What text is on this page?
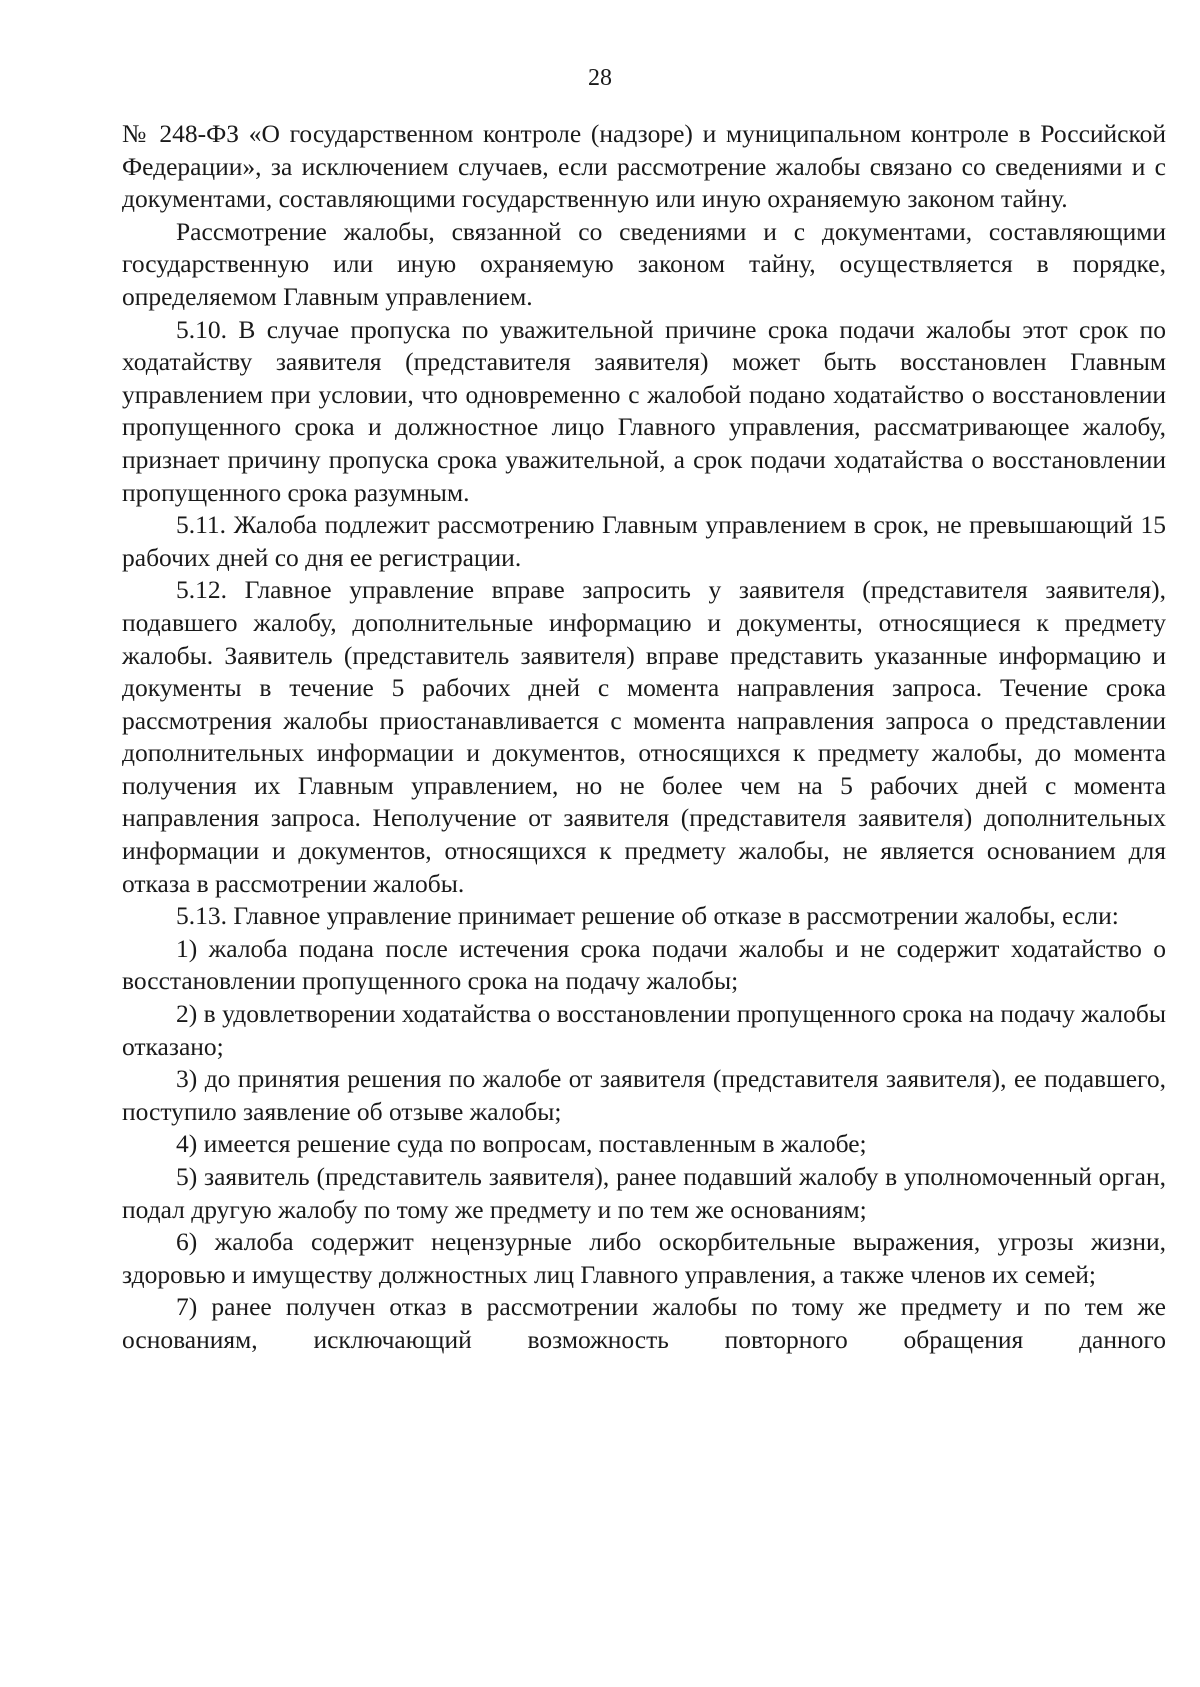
28

№ 248-ФЗ «О государственном контроле (надзоре) и муниципальном контроле в Российской Федерации», за исключением случаев, если рассмотрение жалобы связано со сведениями и с документами, составляющими государственную или иную охраняемую законом тайну.

Рассмотрение жалобы, связанной со сведениями и с документами, составляющими государственную или иную охраняемую законом тайну, осуществляется в порядке, определяемом Главным управлением.

5.10. В случае пропуска по уважительной причине срока подачи жалобы этот срок по ходатайству заявителя (представителя заявителя) может быть восстановлен Главным управлением при условии, что одновременно с жалобой подано ходатайство о восстановлении пропущенного срока и должностное лицо Главного управления, рассматривающее жалобу, признает причину пропуска срока уважительной, а срок подачи ходатайства о восстановлении пропущенного срока разумным.

5.11. Жалоба подлежит рассмотрению Главным управлением в срок, не превышающий 15 рабочих дней со дня ее регистрации.

5.12. Главное управление вправе запросить у заявителя (представителя заявителя), подавшего жалобу, дополнительные информацию и документы, относящиеся к предмету жалобы. Заявитель (представитель заявителя) вправе представить указанные информацию и документы в течение 5 рабочих дней с момента направления запроса. Течение срока рассмотрения жалобы приостанавливается с момента направления запроса о представлении дополнительных информации и документов, относящихся к предмету жалобы, до момента получения их Главным управлением, но не более чем на 5 рабочих дней с момента направления запроса. Неполучение от заявителя (представителя заявителя) дополнительных информации и документов, относящихся к предмету жалобы, не является основанием для отказа в рассмотрении жалобы.

5.13. Главное управление принимает решение об отказе в рассмотрении жалобы, если:

1) жалоба подана после истечения срока подачи жалобы и не содержит ходатайство о восстановлении пропущенного срока на подачу жалобы;

2) в удовлетворении ходатайства о восстановлении пропущенного срока на подачу жалобы отказано;

3) до принятия решения по жалобе от заявителя (представителя заявителя), ее подавшего, поступило заявление об отзыве жалобы;

4) имеется решение суда по вопросам, поставленным в жалобе;

5) заявитель (представитель заявителя), ранее подавший жалобу в уполномоченный орган, подал другую жалобу по тому же предмету и по тем же основаниям;

6) жалоба содержит нецензурные либо оскорбительные выражения, угрозы жизни, здоровью и имуществу должностных лиц Главного управления, а также членов их семей;

7) ранее получен отказ в рассмотрении жалобы по тому же предмету и по тем же основаниям, исключающий возможность повторного обращения данного
